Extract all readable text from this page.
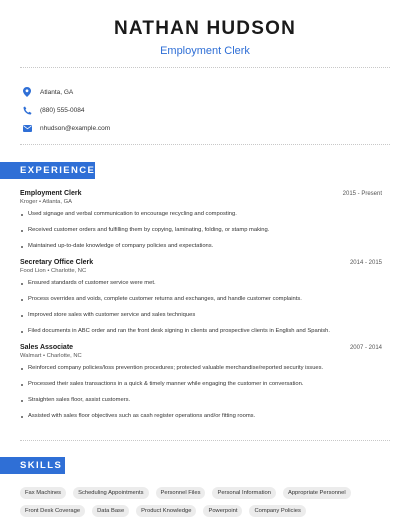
NATHAN HUDSON
Employment Clerk
Atlanta, GA
(880) 555-0084
nhudson@example.com
EXPERIENCE
Employment Clerk	2015 - Present
Kroger • Atlanta, GA
Used signage and verbal communication to encourage recycling and composting.
Received customer orders and fulfilling them by copying, laminating, folding, or stamp making.
Maintained up-to-date knowledge of company policies and expectations.
Secretary Office Clerk	2014 - 2015
Food Lion • Charlotte, NC
Ensured standards of customer service were met.
Process overrides and voids, complete customer returns and exchanges, and handle customer complaints.
Improved store sales with customer service and sales techniques
Filed documents in ABC order and ran the front desk signing in clients and prospective clients in English and Spanish.
Sales Associate	2007 - 2014
Walmart • Charlotte, NC
Reinforced company policies/loss prevention procedures; protected valuable merchandise/reported security issues.
Processed their sales transactions in a quick & timely manner while engaging the customer in conversation.
Straighten sales floor, assist customers.
Assisted with sales floor objectives such as cash register operations and/or fitting rooms.
SKILLS
Fax Machines	Scheduling Appointments	Personnel Files	Personal Information	Appropriate Personnel
Front Desk Coverage	Data Base	Product Knowledge	Powerpoint	Company Policies
